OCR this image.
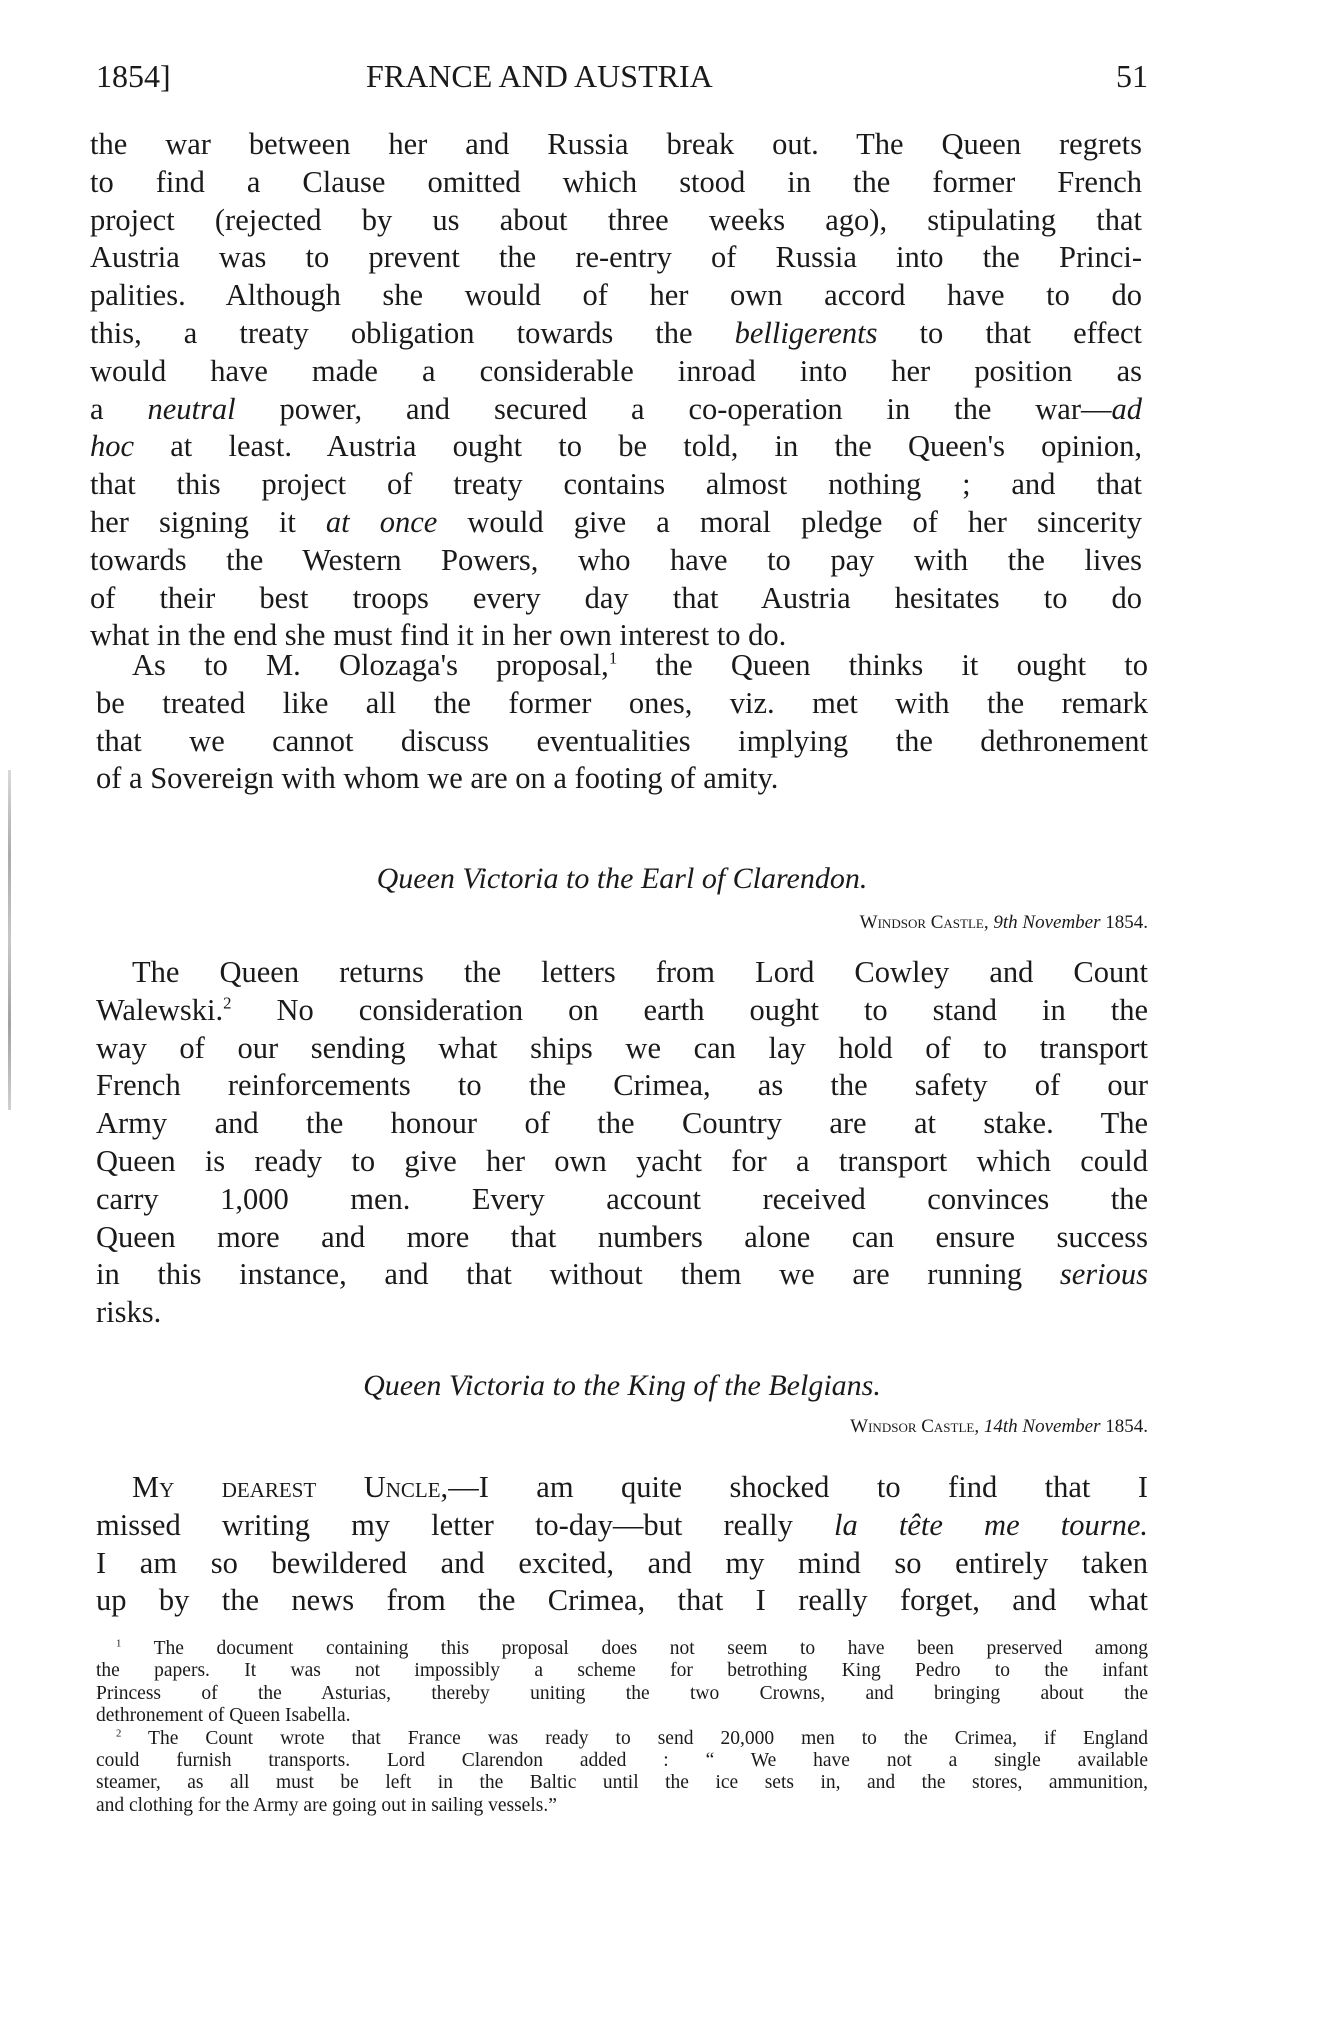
1854]	FRANCE AND AUSTRIA	51
the war between her and Russia break out. The Queen regrets
to find a Clause omitted which stood in the former French
project (rejected by us about three weeks ago), stipulating that
Austria was to prevent the re-entry of Russia into the Princi-
palities. Although she would of her own accord have to do
this, a treaty obligation towards the belligerents to that effect
would have made a considerable inroad into her position as
a neutral power, and secured a co-operation in the war—ad
hoc at least. Austria ought to be told, in the Queen's opinion,
that this project of treaty contains almost nothing ; and that
her signing it at once would give a moral pledge of her sincerity
towards the Western Powers, who have to pay with the lives
of their best troops every day that Austria hesitates to do
what in the end she must find it in her own interest to do.
As to M. Olozaga's proposal,$^1$ the Queen thinks it ought to
be treated like all the former ones, viz. met with the remark
that we cannot discuss eventualities implying the dethronement
of a Sovereign with whom we are on a footing of amity.
Queen Victoria to the Earl of Clarendon.
Windsor Castle, 9th November 1854.
The Queen returns the letters from Lord Cowley and Count
Walewski.$^2$ No consideration on earth ought to stand in the
way of our sending what ships we can lay hold of to transport
French reinforcements to the Crimea, as the safety of our
Army and the honour of the Country are at stake. The
Queen is ready to give her own yacht for a transport which could
carry 1,000 men. Every account received convinces the
Queen more and more that numbers alone can ensure success
in this instance, and that without them we are running serious
risks.
Queen Victoria to the King of the Belgians.
Windsor Castle, 14th November 1854.
My dearest Uncle,—I am quite shocked to find that I
missed writing my letter to-day—but really la tête me tourne.
I am so bewildered and excited, and my mind so entirely taken
up by the news from the Crimea, that I really forget, and what
$^1$ The document containing this proposal does not seem to have been preserved among
the papers. It was not impossibly a scheme for betrothing King Pedro to the infant
Princess of the Asturias, thereby uniting the two Crowns, and bringing about the
dethronement of Queen Isabella.
$^2$ The Count wrote that France was ready to send 20,000 men to the Crimea, if England
could furnish transports. Lord Clarendon added : “ We have not a single available
steamer, as all must be left in the Baltic until the ice sets in, and the stores, ammunition,
and clothing for the Army are going out in sailing vessels.”
